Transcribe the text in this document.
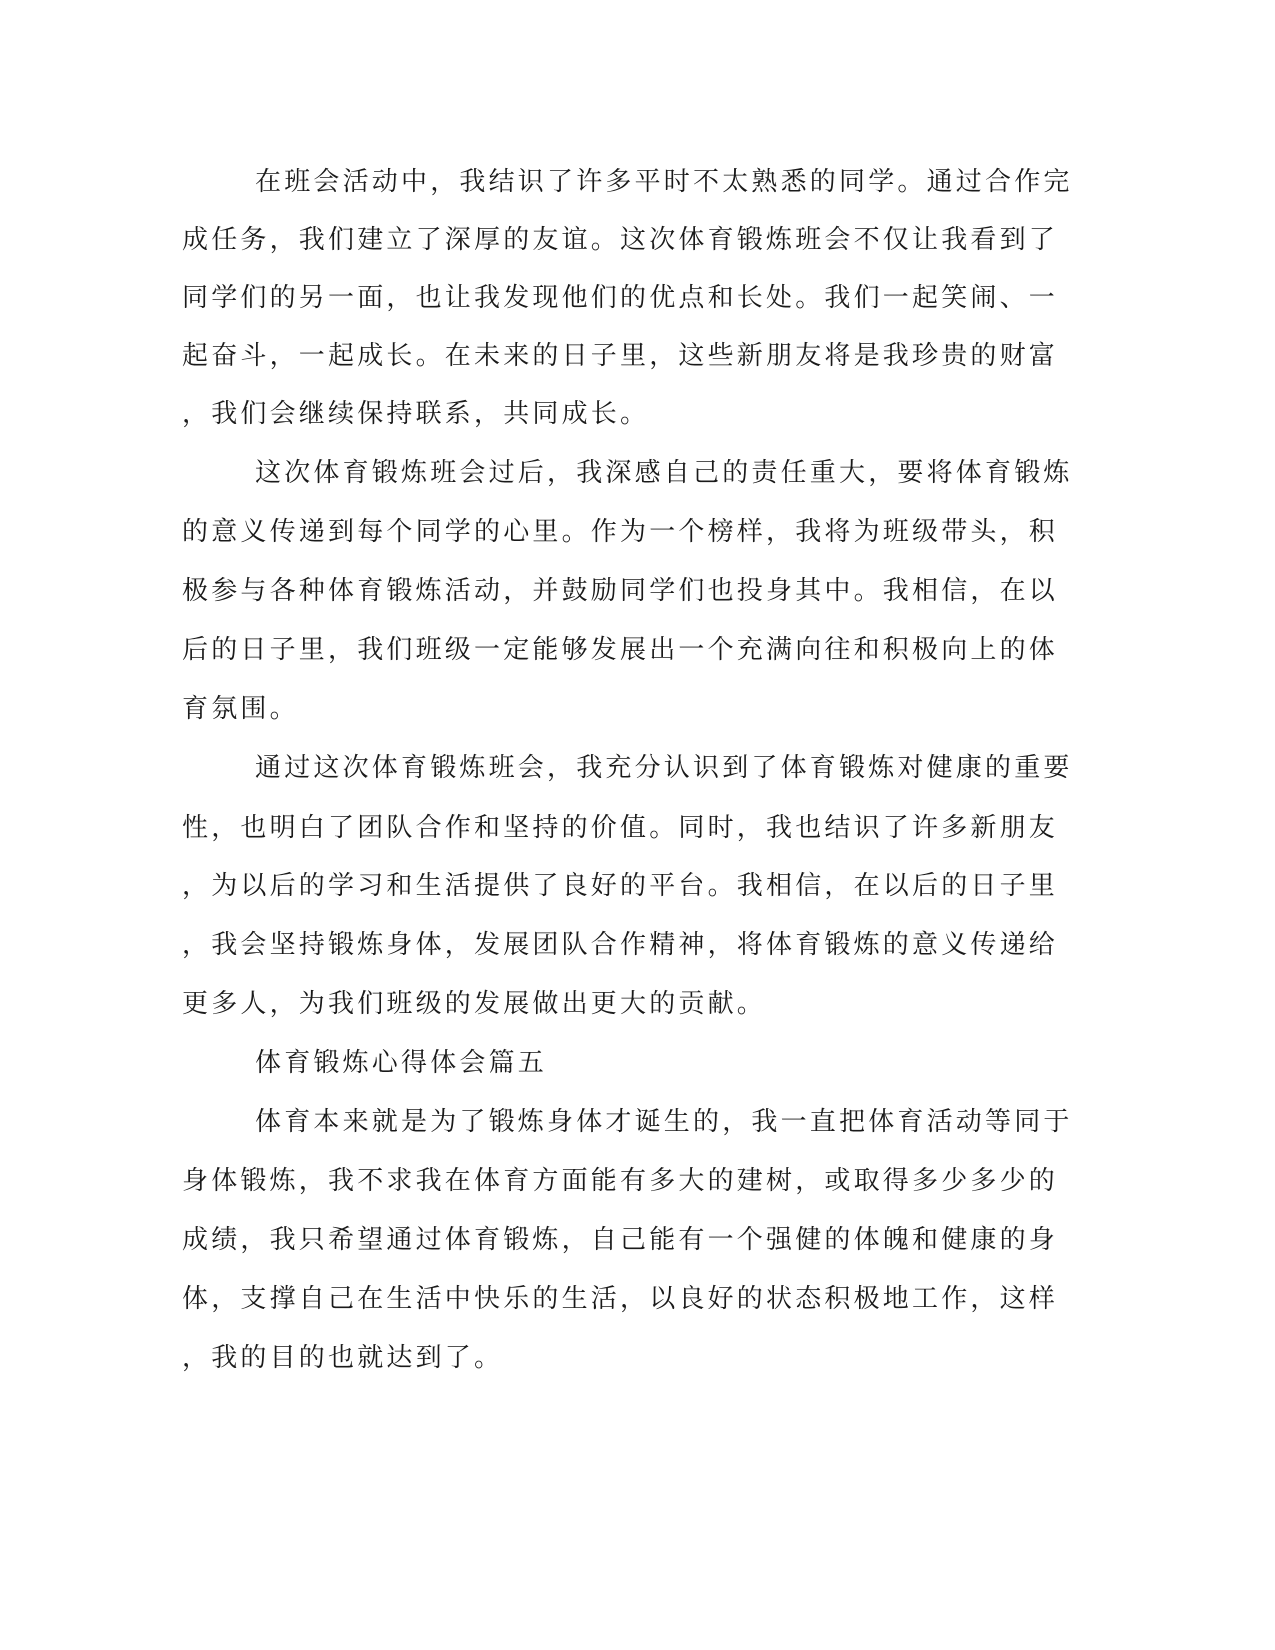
在班会活动中，我结识了许多平时不太熟悉的同学。通过合作完
成任务，我们建立了深厚的友谊。这次体育锻炼班会不仅让我看到了
同学们的另一面，也让我发现他们的优点和长处。我们一起笑闹、一
起奋斗，一起成长。在未来的日子里，这些新朋友将是我珍贵的财富
，我们会继续保持联系，共同成长。
这次体育锻炼班会过后，我深感自己的责任重大，要将体育锻炼
的意义传递到每个同学的心里。作为一个榜样，我将为班级带头，积
极参与各种体育锻炼活动，并鼓励同学们也投身其中。我相信，在以
后的日子里，我们班级一定能够发展出一个充满向往和积极向上的体
育氛围。
通过这次体育锻炼班会，我充分认识到了体育锻炼对健康的重要
性，也明白了团队合作和坚持的价值。同时，我也结识了许多新朋友
，为以后的学习和生活提供了良好的平台。我相信，在以后的日子里
，我会坚持锻炼身体，发展团队合作精神，将体育锻炼的意义传递给
更多人，为我们班级的发展做出更大的贡献。
体育锻炼心得体会篇五
体育本来就是为了锻炼身体才诞生的，我一直把体育活动等同于
身体锻炼，我不求我在体育方面能有多大的建树，或取得多少多少的
成绩，我只希望通过体育锻炼，自己能有一个强健的体魄和健康的身
体，支撑自己在生活中快乐的生活，以良好的状态积极地工作，这样
，我的目的也就达到了。
